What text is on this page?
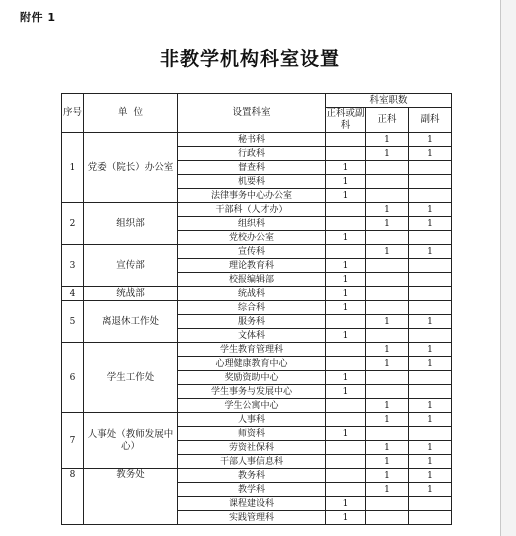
附件 1
非教学机构科室设置
序号	单  位	设置科室	科室职数		
			正科或副科	正科	副科

1	党委（院长）办公室	秘书科		1	1
		行政科		1	1
		督查科	1		
		机要科	1		
		法律事务中心办公室	1		
2	组织部	干部科（人才办）		1	1
		组织科		1	1
		党校办公室	1		
3	宣传部	宣传科		1	1
		理论教育科	1		
		校报编辑部	1		
4	统战部	统战科	1		
5	离退休工作处	综合科	1		
		服务科		1	1
		文体科	1		
6	学生工作处	学生教育管理科		1	1
		心理健康教育中心		1	1
		奖励资助中心	1		
		学生事务与发展中心	1		
		学生公寓中心		1	1
7	人事处（教师发展中心）	人事科		1	1
		师资科	1		
		劳资社保科		1	1
		干部人事信息科		1	1
8	教务处	教务科		1	1
		教学科		1	1
		课程建设科	1		
		实践管理科	1		
